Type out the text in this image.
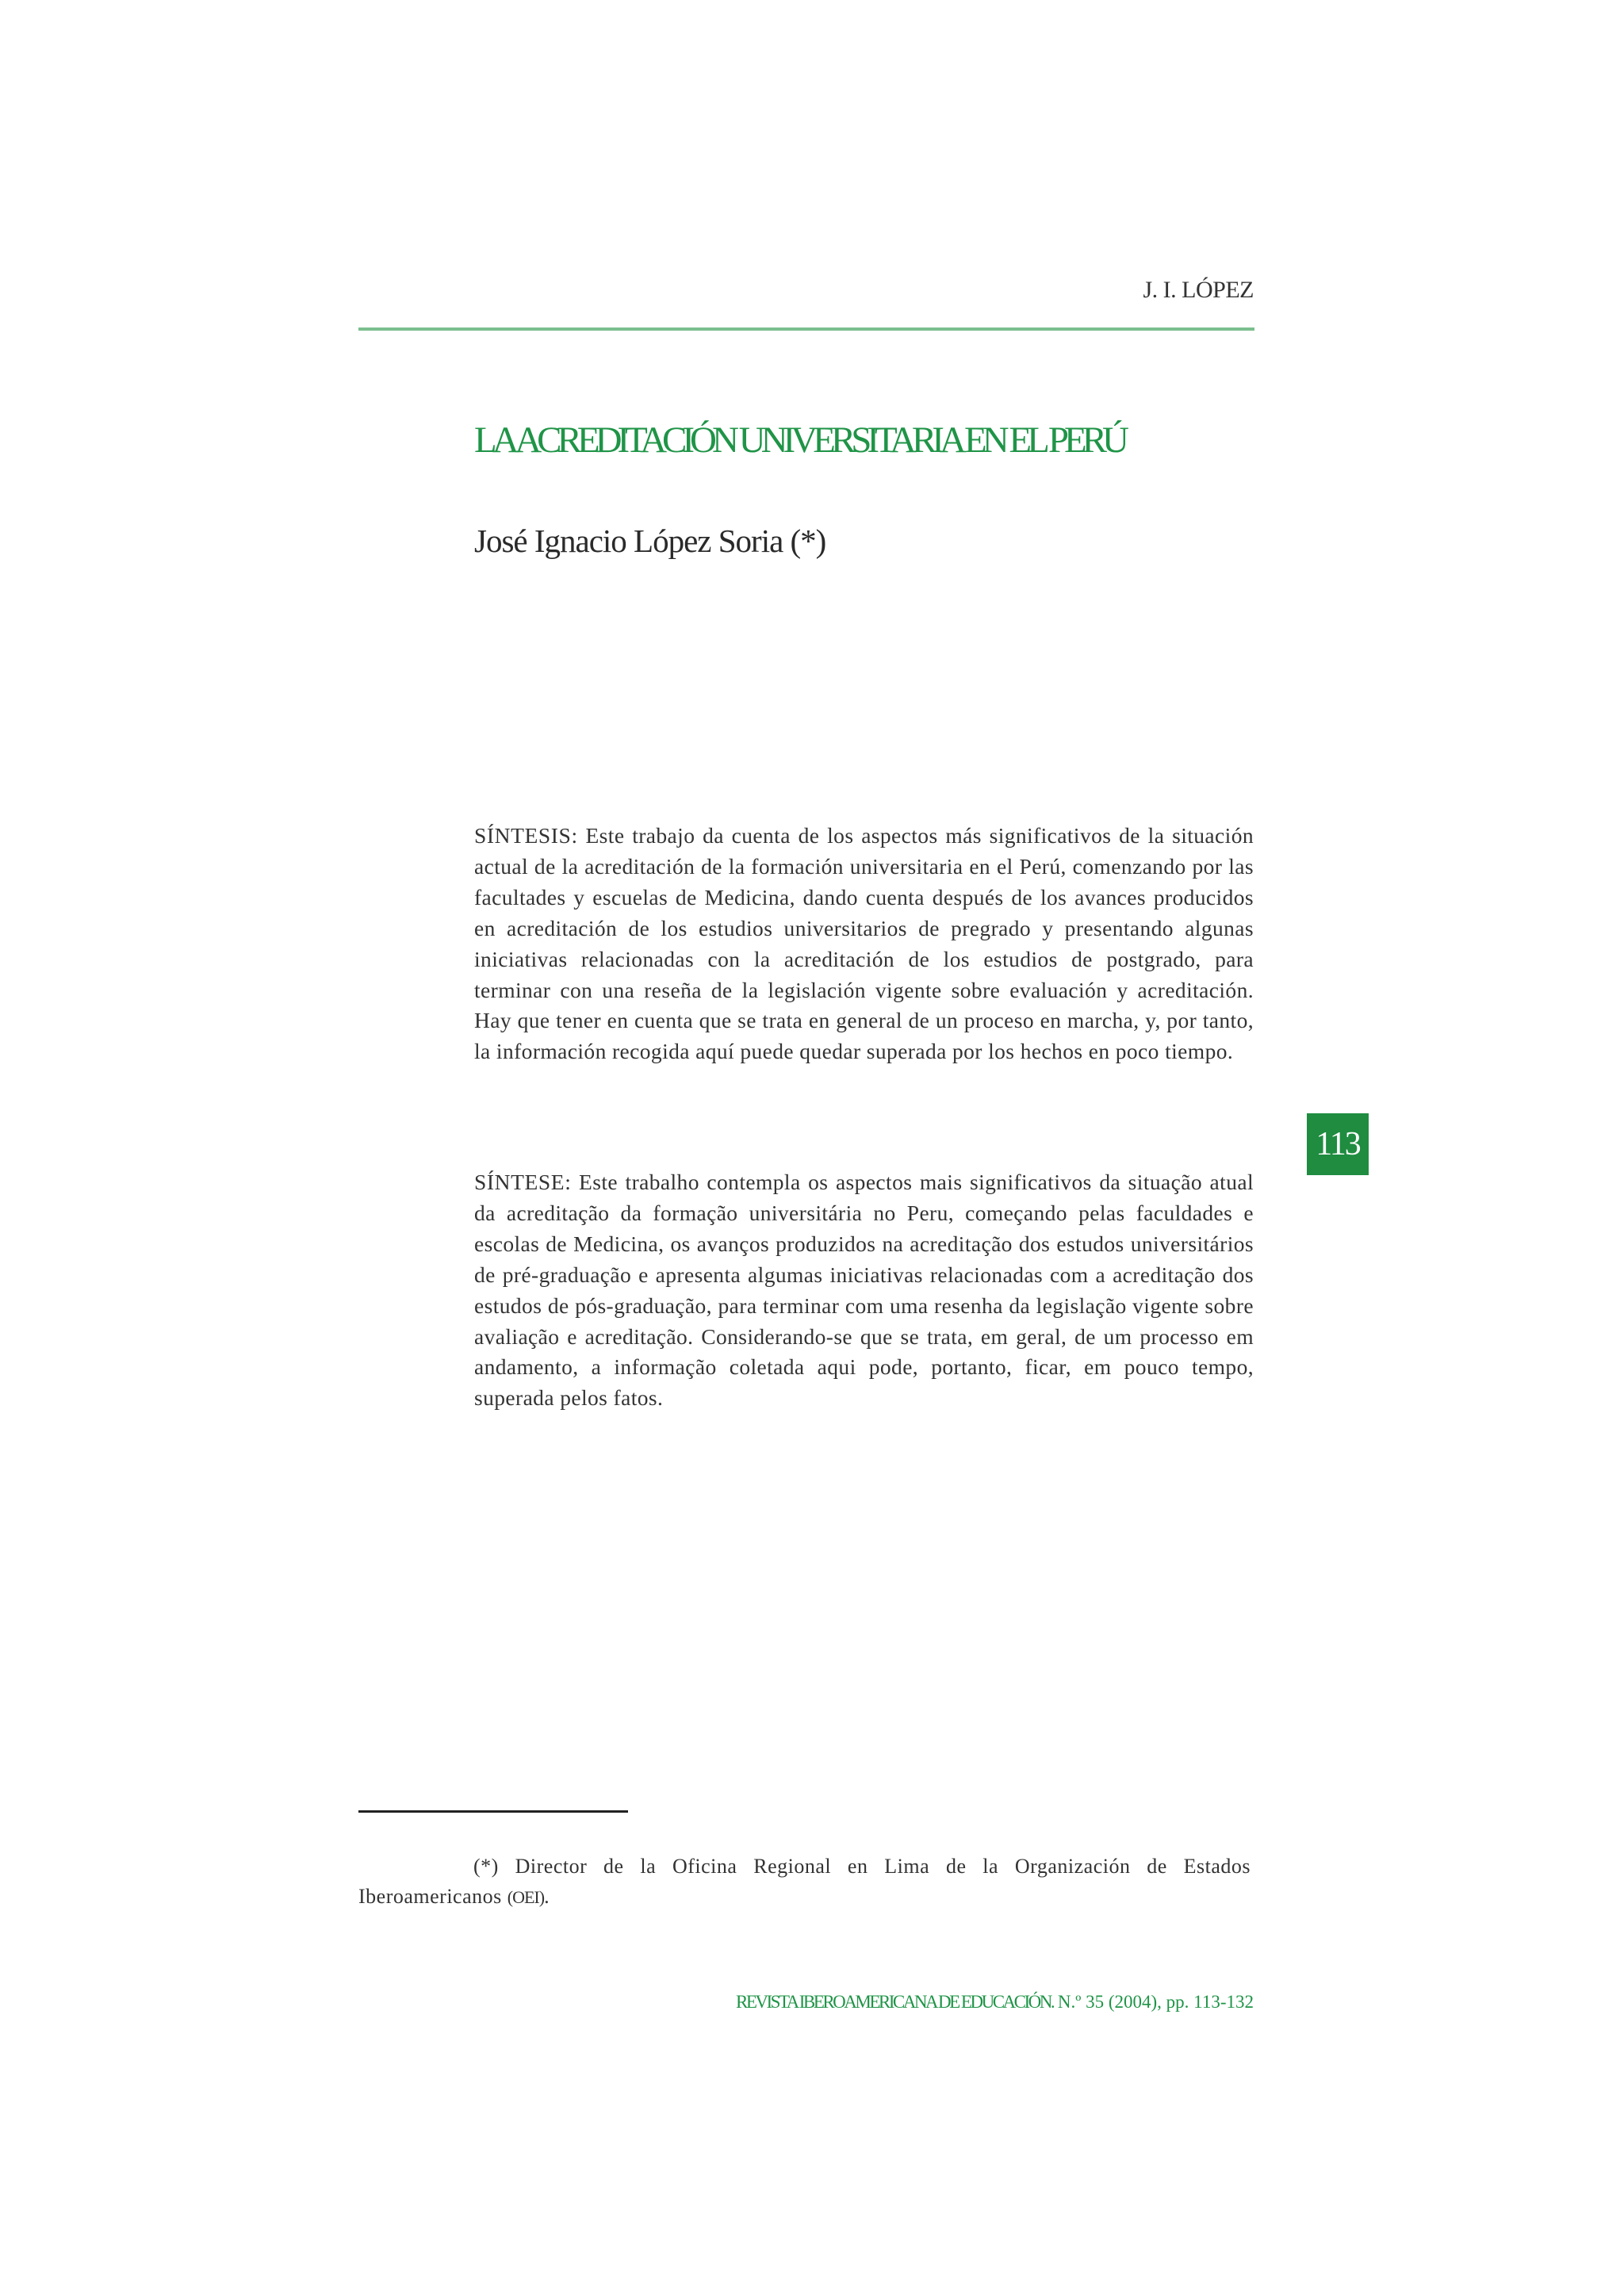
J. I. LÓPEZ
LA ACREDITACIÓN UNIVERSITARIA EN EL PERÚ
José Ignacio López Soria (*)

SÍNTESIS: Este trabajo da cuenta de los aspectos más significativos de la situación actual de la acreditación de la formación universitaria en el Perú, comenzando por las facultades y escuelas de Medicina, dando cuenta después de los avances producidos en acreditación de los estudios universitarios de pregrado y presentando algunas iniciativas relacionadas con la acreditación de los estudios de postgrado, para terminar con una reseña de la legislación vigente sobre evaluación y acreditación. Hay que tener en cuenta que se trata en general de un proceso en marcha, y, por tanto, la información recogida aquí puede quedar superada por los hechos en poco tiempo.

113

SÍNTESE: Este trabalho contempla os aspectos mais significativos da situação atual da acreditação da formação universitária no Peru, começando pelas faculdades e escolas de Medicina, os avanços produzidos na acreditação dos estudos universitários de pré-graduação e apresenta algumas iniciativas relacionadas com a acreditação dos estudos de pós-graduação, para terminar com uma resenha da legislação vigente sobre avaliação e acreditação. Considerando-se que se trata, em geral, de um processo em andamento, a informação coletada aqui pode, portanto, ficar, em pouco tempo, superada pelos fatos.

(*) Director de la Oficina Regional en Lima de la Organización de Estados Iberoamericanos (OEI).

REVISTA IBEROAMERICANA DE EDUCACIÓN. N.º 35 (2004), pp. 113-132
